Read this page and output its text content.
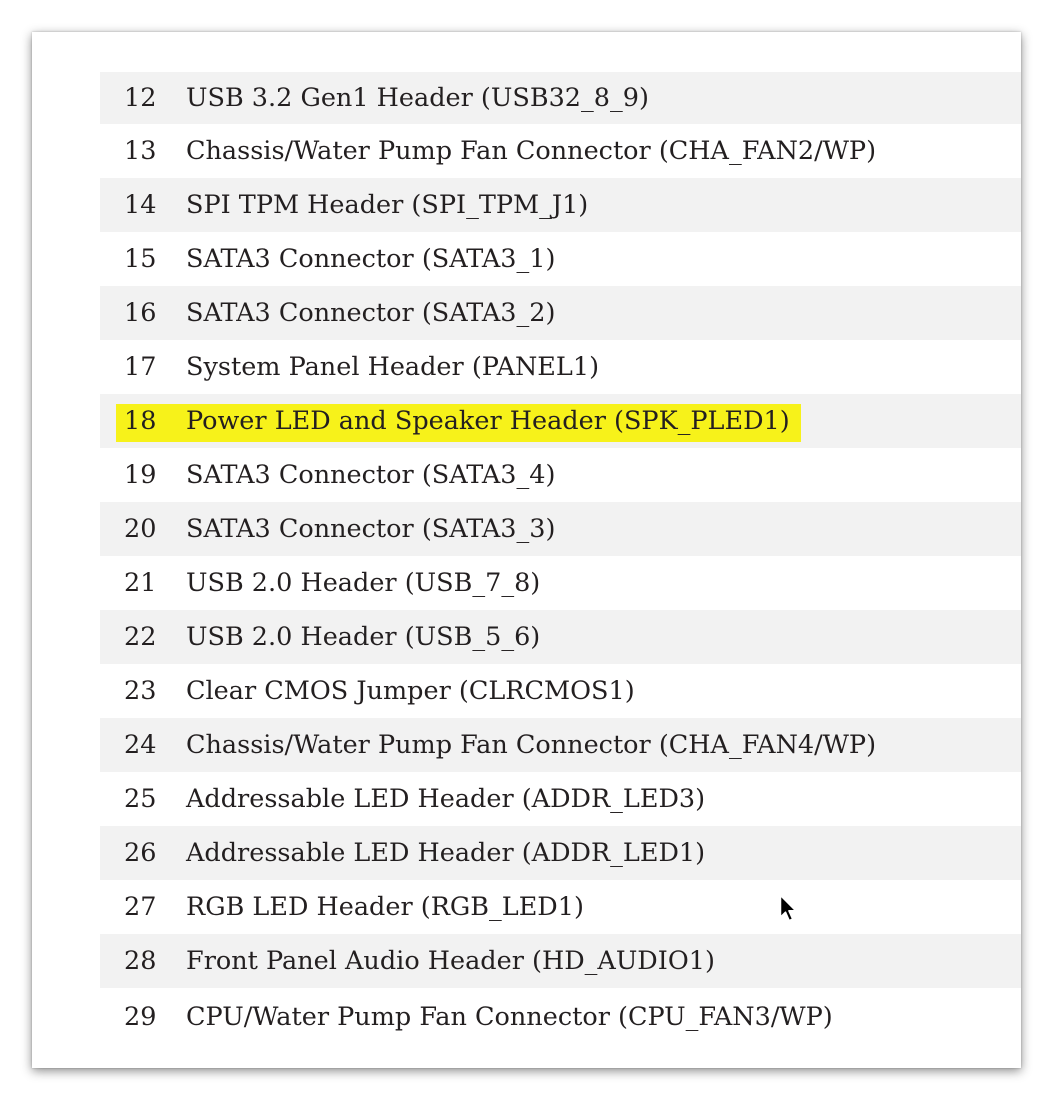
12 USB 3.2 Gen1 Header (USB32_8_9)
13 Chassis/Water Pump Fan Connector (CHA_FAN2/WP)
14 SPI TPM Header (SPI_TPM_J1)
15 SATA3 Connector (SATA3_1)
16 SATA3 Connector (SATA3_2)
17 System Panel Header (PANEL1)
18 Power LED and Speaker Header (SPK_PLED1)
19 SATA3 Connector (SATA3_4)
20 SATA3 Connector (SATA3_3)
21 USB 2.0 Header (USB_7_8)
22 USB 2.0 Header (USB_5_6)
23 Clear CMOS Jumper (CLRCMOS1)
24 Chassis/Water Pump Fan Connector (CHA_FAN4/WP)
25 Addressable LED Header (ADDR_LED3)
26 Addressable LED Header (ADDR_LED1)
27 RGB LED Header (RGB_LED1)
28 Front Panel Audio Header (HD_AUDIO1)
29 CPU/Water Pump Fan Connector (CPU_FAN3/WP)
